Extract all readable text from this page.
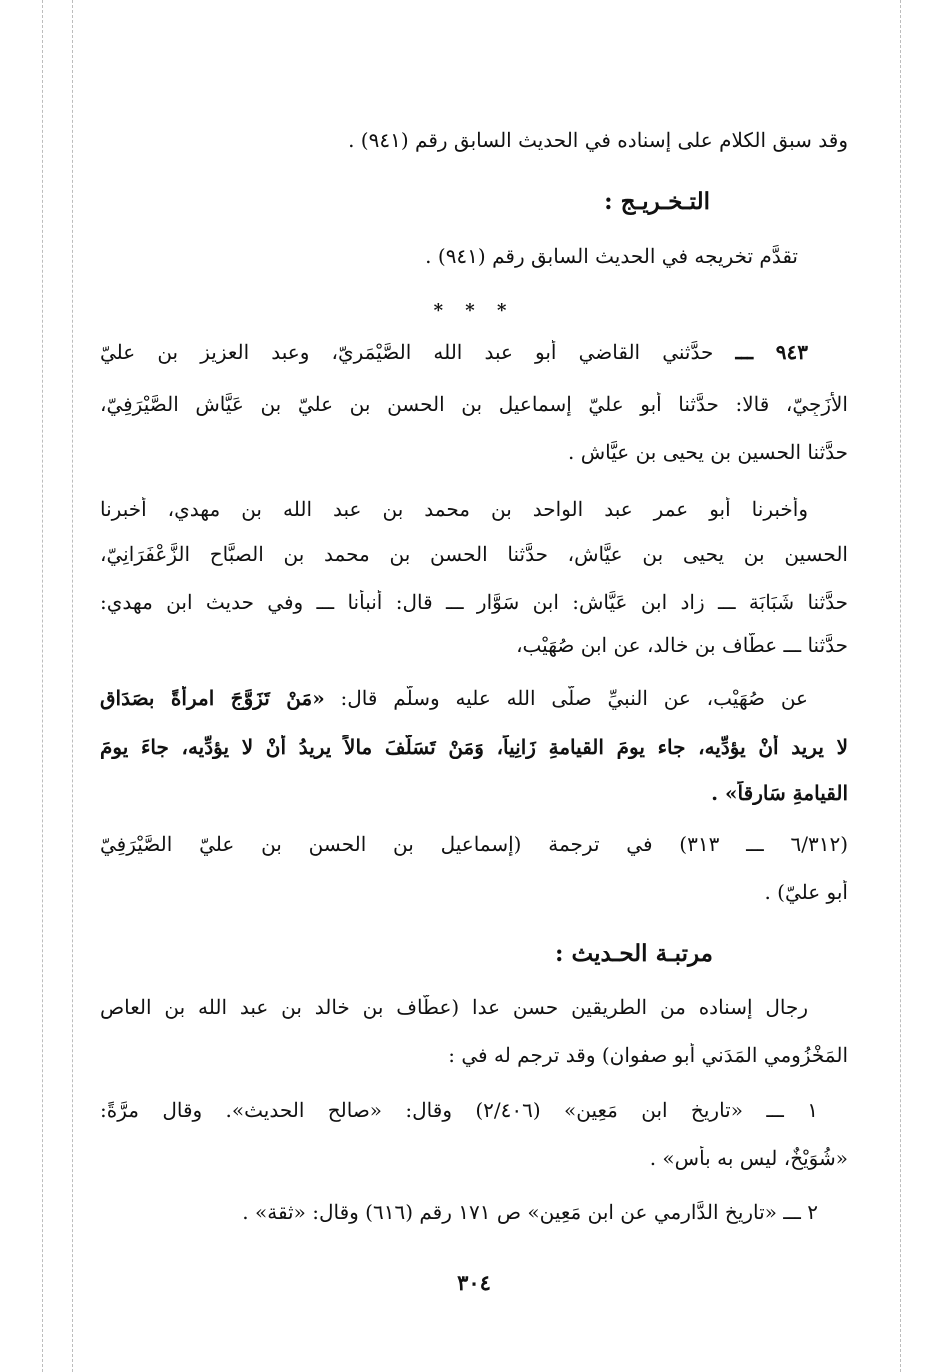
وقد سبق الكلام على إسناده في الحديث السابق رقم (٩٤١) .
التـخـريـج :
تقدَّم تخريجه في الحديث السابق رقم (٩٤١) .
* * *
٩٤٣ ـــ حدَّثني القاضي أبو عبد الله الصَّيْمَرِيّ، وعبد العزيز بن عليّ
الأَزَجِيّ، قالا: حدَّثنا أبو عليّ إسماعيل بن الحسن بن عليّ بن عَيَّاش الصَّيْرَفِيّ،
حدَّثنا الحسين بن يحيى بن عيَّاش .
وأخبرنا أبو عمر عبد الواحد بن محمد بن عبد الله بن مهدي، أخبرنا
الحسين بن يحيى بن عيَّاش، حدَّثنا الحسن بن محمد بن الصبَّاح الزَّعْفَرَانِيّ،
حدَّثنا شَبَابَة ـــ زاد ابن عَيَّاش: ابن سَوَّار ـــ قال: أنبأنا ـــ وفي حديث ابن مهدي:
حدَّثنا ـــ عطَّاف بن خالد، عن ابن صُهَيْب،
عن صُهَيْب، عن النبيِّ صلَّى الله عليه وسلَّم قال: «مَنْ تَزَوَّجَ امرأةً بصَدَاقٍ
لا يريد أَنْ يؤدِّيه، جاء يومَ القيامةِ زَانِياً، وَمَنْ تَسَلَّفَ مالاً يريدُ أَنْ لا يؤدِّيه، جاءَ يومَ
القيامةِ سَارِقاً» .
(٦/٣١٢ ـــ ٣١٣) في ترجمة (إسماعيل بن الحسن بن عليّ الصَّيْرَفِيّ
أبو عليّ) .
مرتبـة الحـديث :
رجال إسناده من الطريقين حسن عدا (عطَّاف بن خالد بن عبد الله بن العاص
المَخْزُومي المَدَني أبو صفوان) وقد ترجم له في :
١ ـــ «تاريخ ابن مَعِين» (٢/٤٠٦) وقال: «صالح الحديث». وقال مرَّةً:
«شُوَيْخٌ، ليس به بأس» .
٢ ـــ «تاريخ الدَّارِمي عن ابن مَعِين» ص ١٧١ رقم (٦١٦) وقال: «ثقة» .
٣٠٤
